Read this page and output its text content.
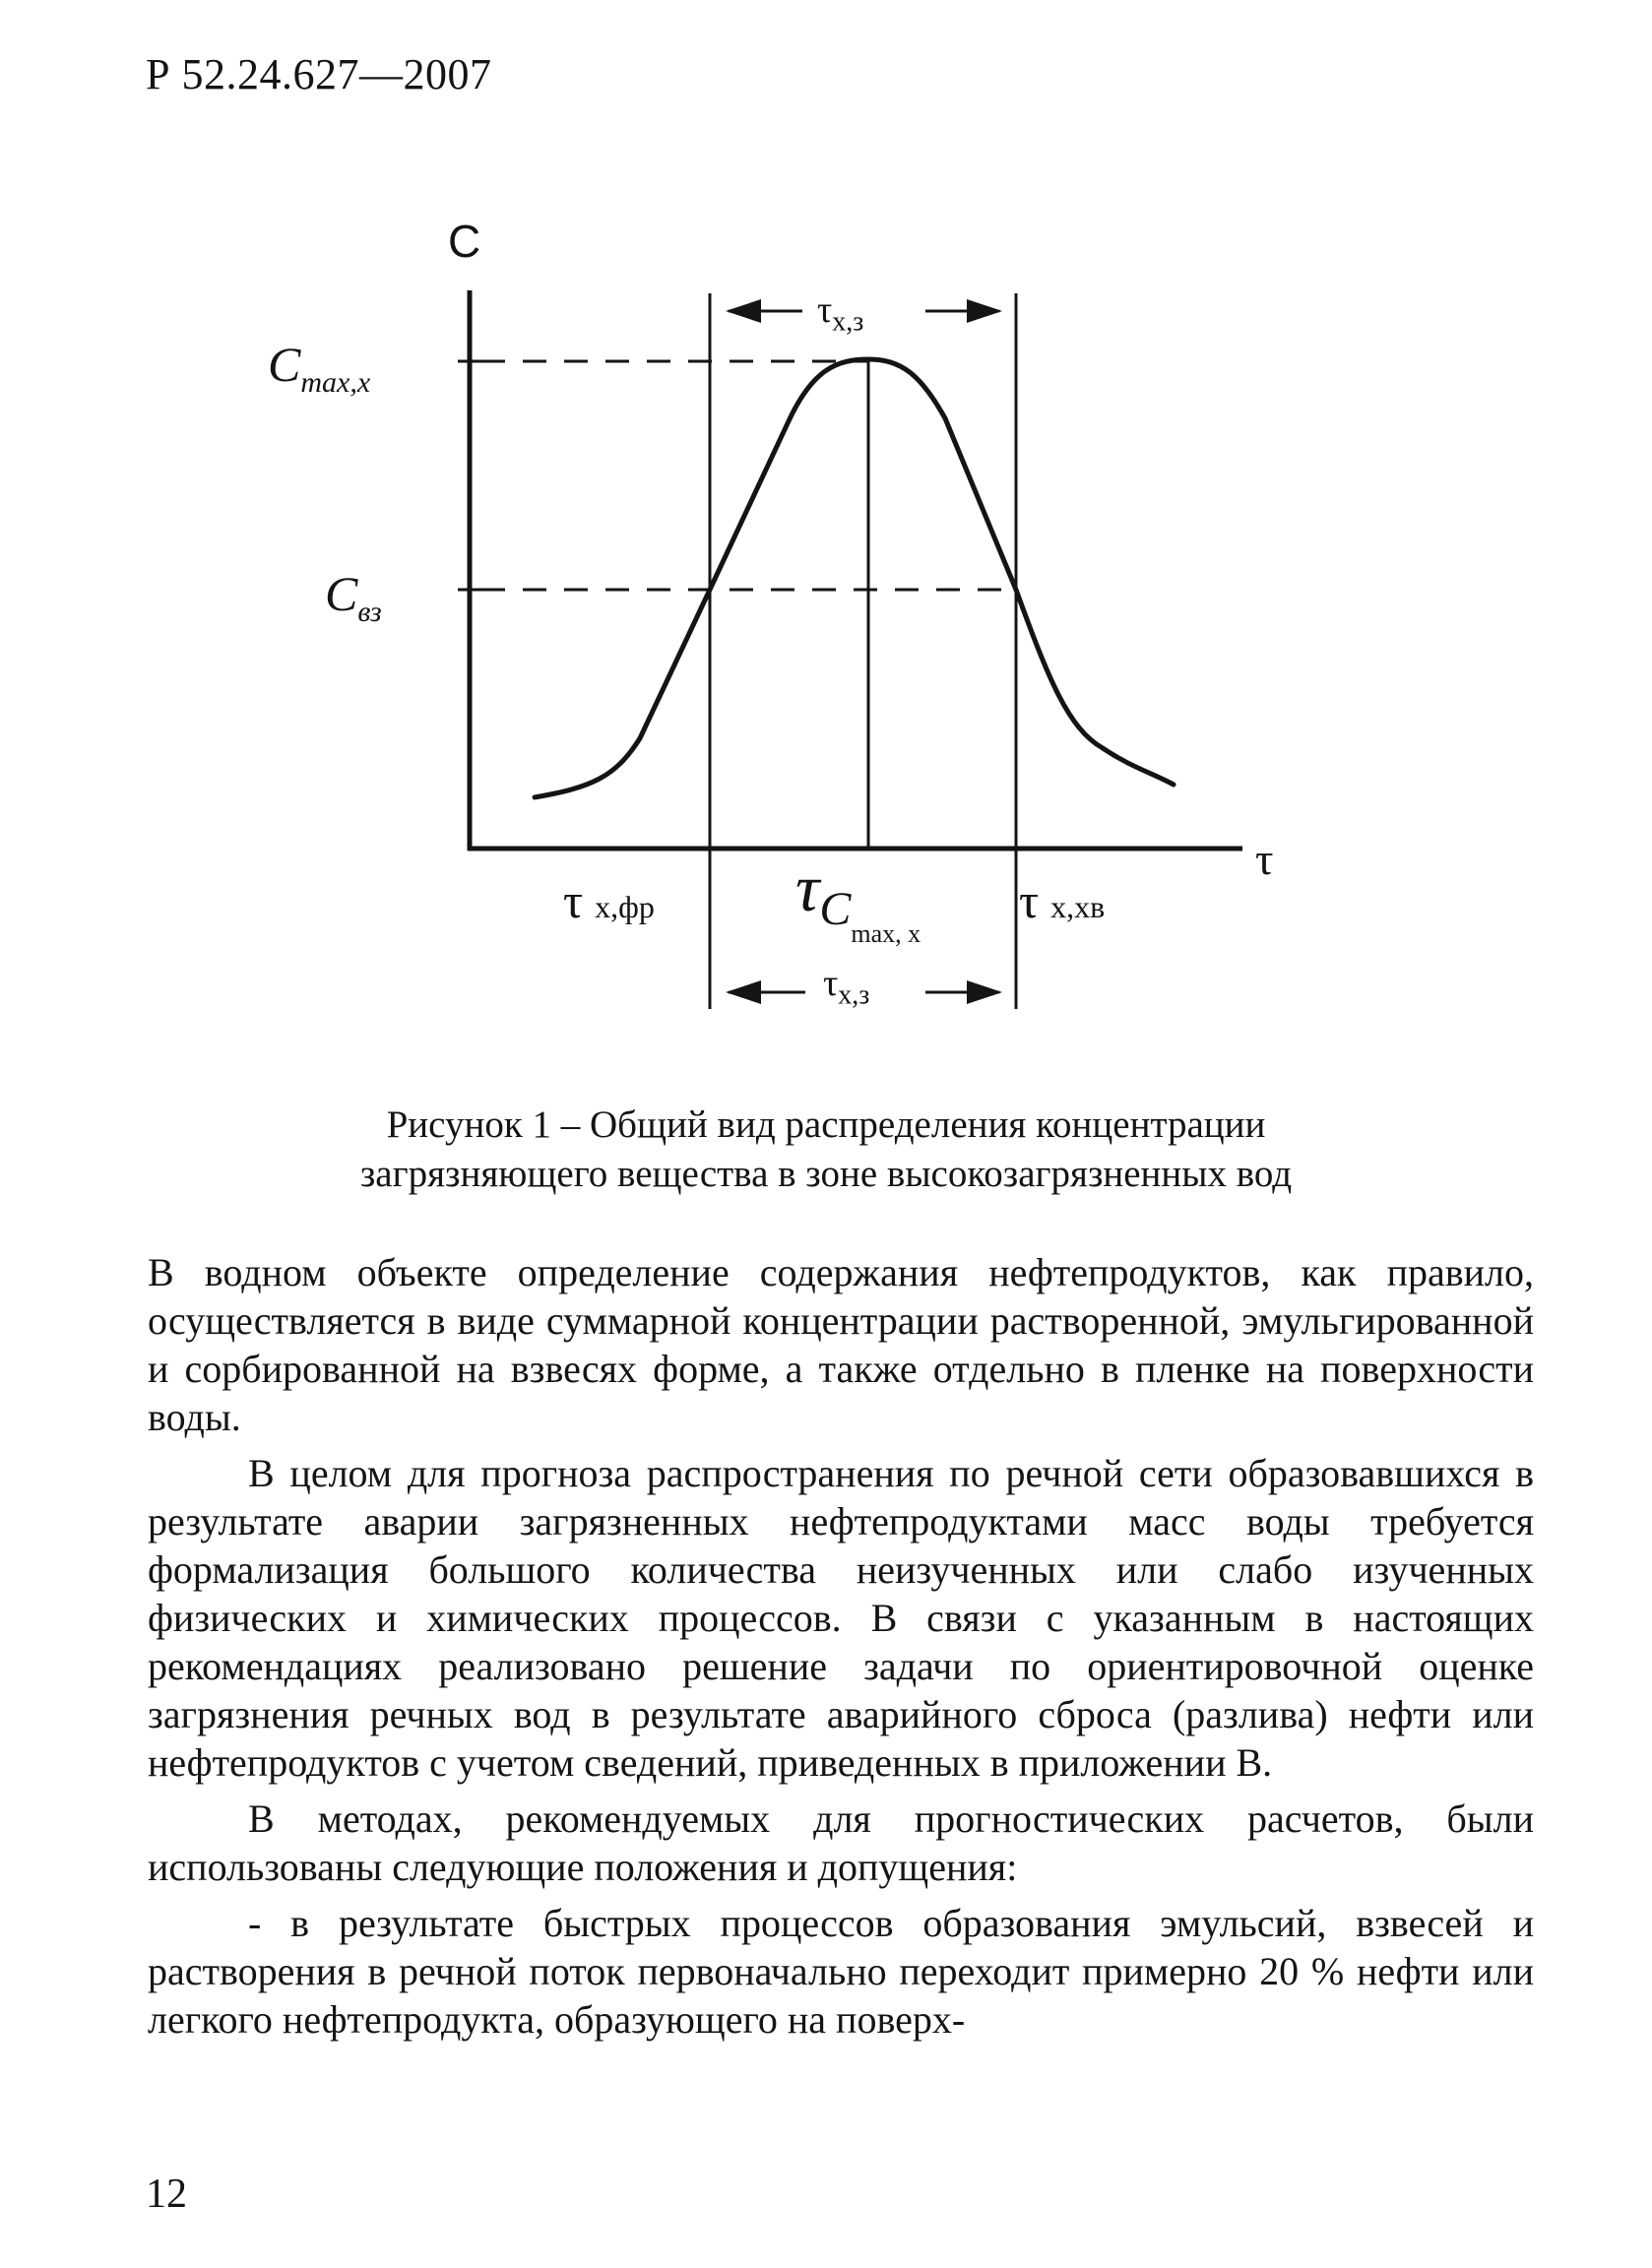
Р 52.24.627—2007
С
τ
$C_{max,x}$
$C_{вз}$
$\tau_{х,з}$
$\tau_{х,з}$
τх,фр $\tau_{Cmax, x}$
τх,хв
Рисунок 1 – Общий вид распределения концентрации
загрязняющего вещества в зоне высокозагрязненных вод

В водном объекте определение содержания нефтепродуктов, как правило, осуществляется в виде суммарной концентрации растворенной, эмульгированной и сорбированной на взвесях форме, а также отдельно в пленке на поверхности воды.

В целом для прогноза распространения по речной сети образовавшихся в результате аварии загрязненных нефтепродуктами масс воды требуется формализация большого количества неизученных или слабо изученных физических и химических процессов. В связи с указанным в настоящих рекомендациях реализовано решение задачи по ориентировочной оценке загрязнения речных вод в результате аварийного сброса (разлива) нефти или нефтепродуктов с учетом сведений, приведенных в приложении В.

В методах, рекомендуемых для прогностических расчетов, были использованы следующие положения и допущения:

- в результате быстрых процессов образования эмульсий, взвесей и растворения в речной поток первоначально переходит примерно 20 % нефти или легкого нефтепродукта, образующего на поверх-

12
